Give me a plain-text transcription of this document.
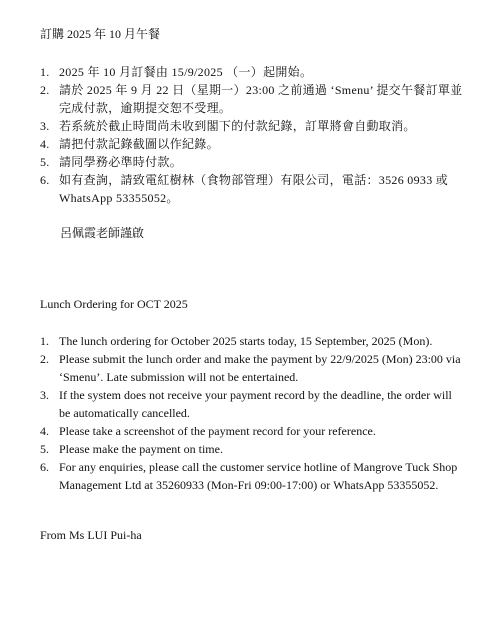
訂購 2025 年 10 月午餐
1. 2025 年 10 月訂餐由 15/9/2025 （一）起開始。
2. 請於 2025 年 9 月 22 日（星期一）23:00 之前通過 ‘Smenu’ 提交午餐訂單並完成付款，逾期提交恕不受理。
3. 若系統於截止時間尚未收到閣下的付款紀錄，訂單將會自動取消。
4. 請把付款記錄截圖以作紀錄。
5. 請同學務必準時付款。
6. 如有查詢，請致電紅樹林（食物部管理）有限公司，電話：3526 0933 或 WhatsApp 53355052。
呂佩霞老師謹啟
Lunch Ordering for OCT 2025
1. The lunch ordering for October 2025 starts today, 15 September, 2025 (Mon).
2. Please submit the lunch order and make the payment by 22/9/2025 (Mon) 23:00 via ‘Smenu’. Late submission will not be entertained.
3. If the system does not receive your payment record by the deadline, the order will be automatically cancelled.
4. Please take a screenshot of the payment record for your reference.
5. Please make the payment on time.
6. For any enquiries, please call the customer service hotline of Mangrove Tuck Shop Management Ltd at 35260933 (Mon-Fri 09:00-17:00) or WhatsApp 53355052.
From Ms LUI Pui-ha
